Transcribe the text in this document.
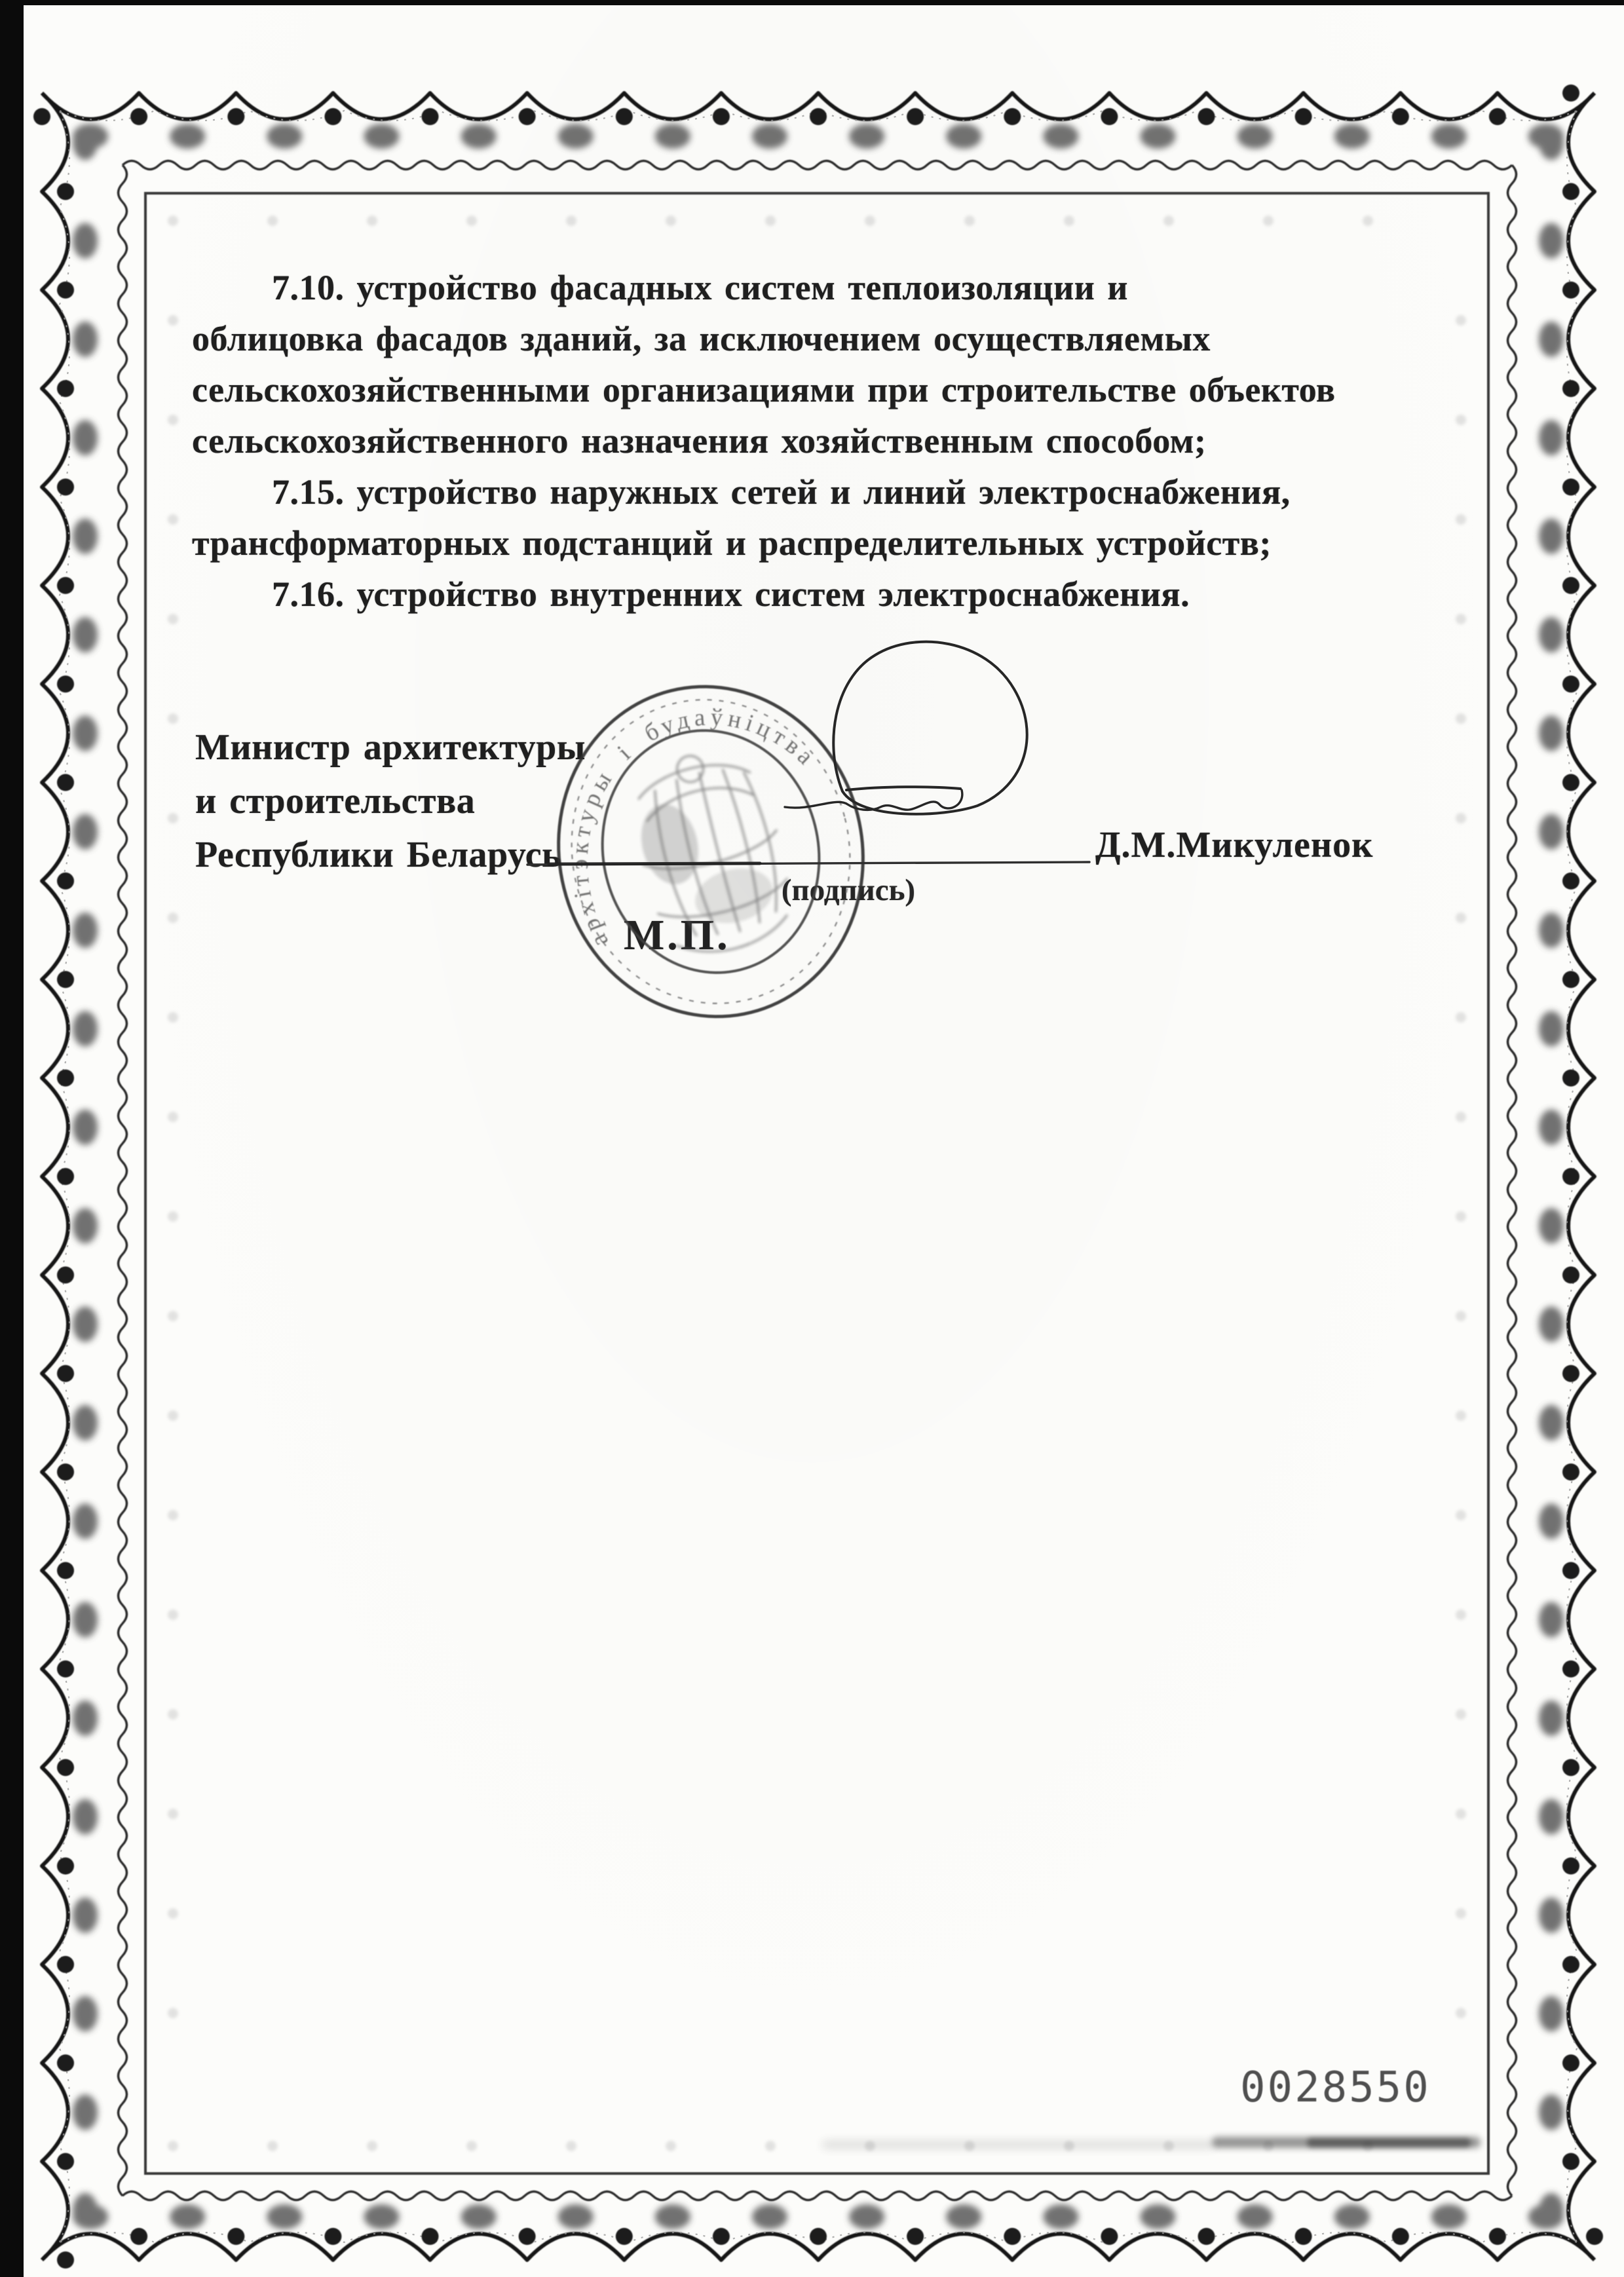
7.10. устройство фасадных систем теплоизоляции и
облицовка фасадов зданий, за исключением осуществляемых
сельскохозяйственными организациями при строительстве объектов
сельскохозяйственного назначения хозяйственным способом;
7.15. устройство наружных сетей и линий электроснабжения,
трансформаторных подстанций и распределительных устройств;
7.16. устройство внутренних систем электроснабжения.
Министр архитектуры
и строительства
Республики Беларусь	Д.М.Микуленок
(подпись)
М.П.
архітэктуры і будаўніцтва
0028550
